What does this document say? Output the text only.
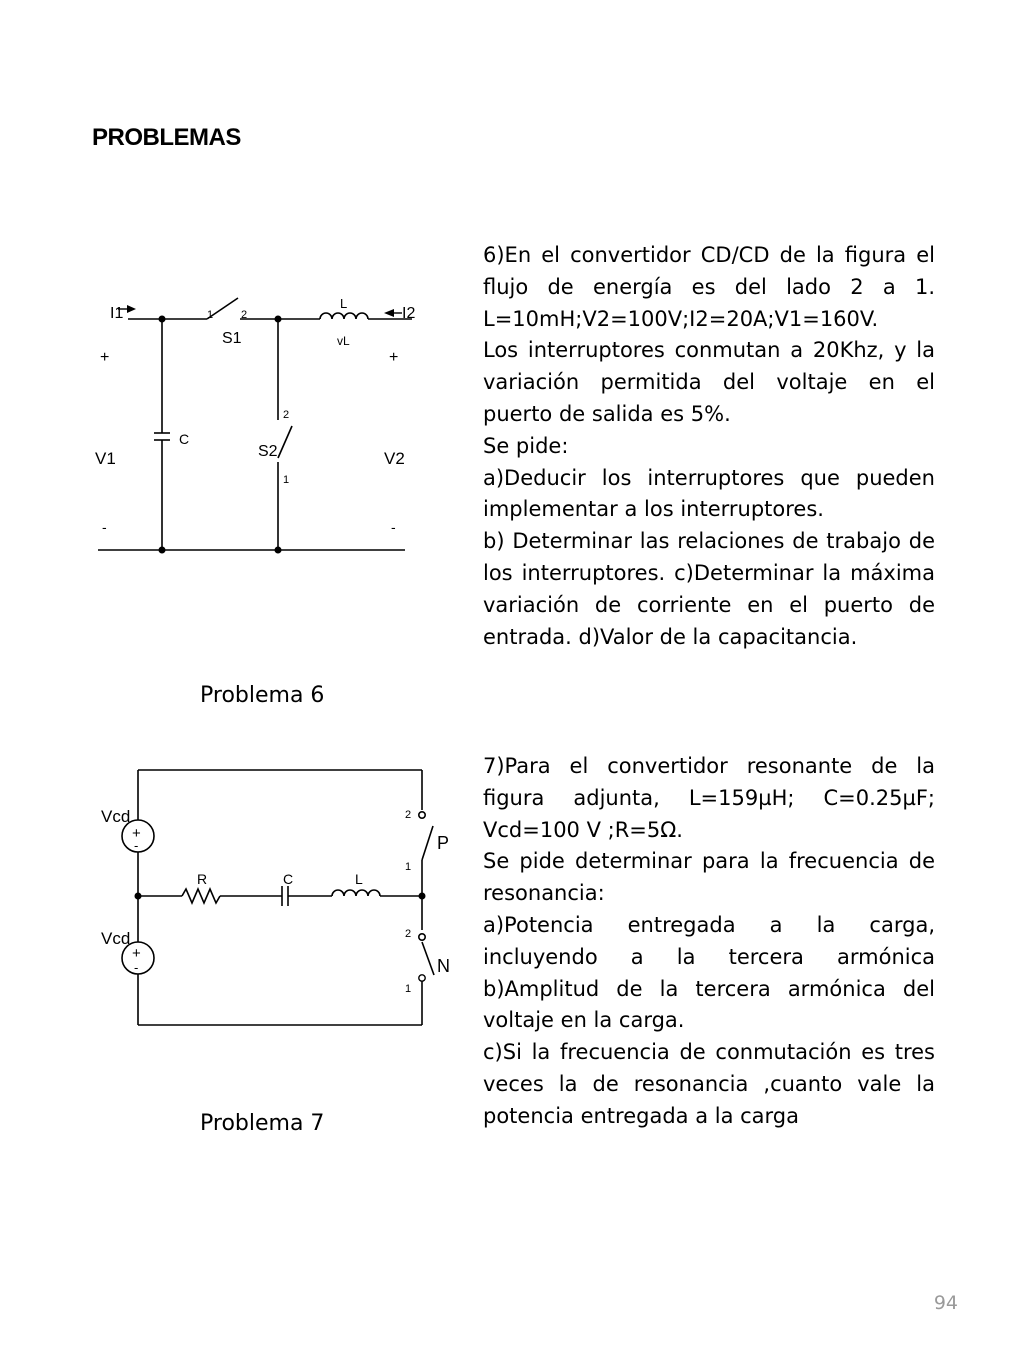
PROBLEMAS
I1	I2
1	2
S1
L
vL
+	+
2
C
S2
V1	V2
1
-	-
Problema 6

6)En el convertidor CD/CD de la figura el flujo de energía es del lado 2 a 1. L=10mH;V2=100V;I2=20A;V1=160V.

Los interruptores conmutan a 20Khz, y la variación permitida del voltaje en el puerto de salida es 5%.

Se pide:

a)Deducir los interruptores que pueden implementar a los interruptores.

b) Determinar las relaciones de trabajo de los interruptores. c)Determinar la máxima variación de corriente en el puerto de entrada. d)Valor de la capacitancia.

Vcd
+
-
Vcd
+
-
R	C	L
2
P
1
2
N
1
Problema 7

7)Para el convertidor resonante de la figura adjunta, L=159µH; C=0.25µF; Vcd=100 V ;R=5Ω.

Se pide determinar para la frecuencia de resonancia:

a)Potencia entregada a la carga, incluyendo a la tercera armónica b)Amplitud de la tercera armónica del voltaje en la carga.

c)Si la frecuencia de conmutación es tres veces la de resonancia ,cuanto vale la potencia entregada a la carga

94
